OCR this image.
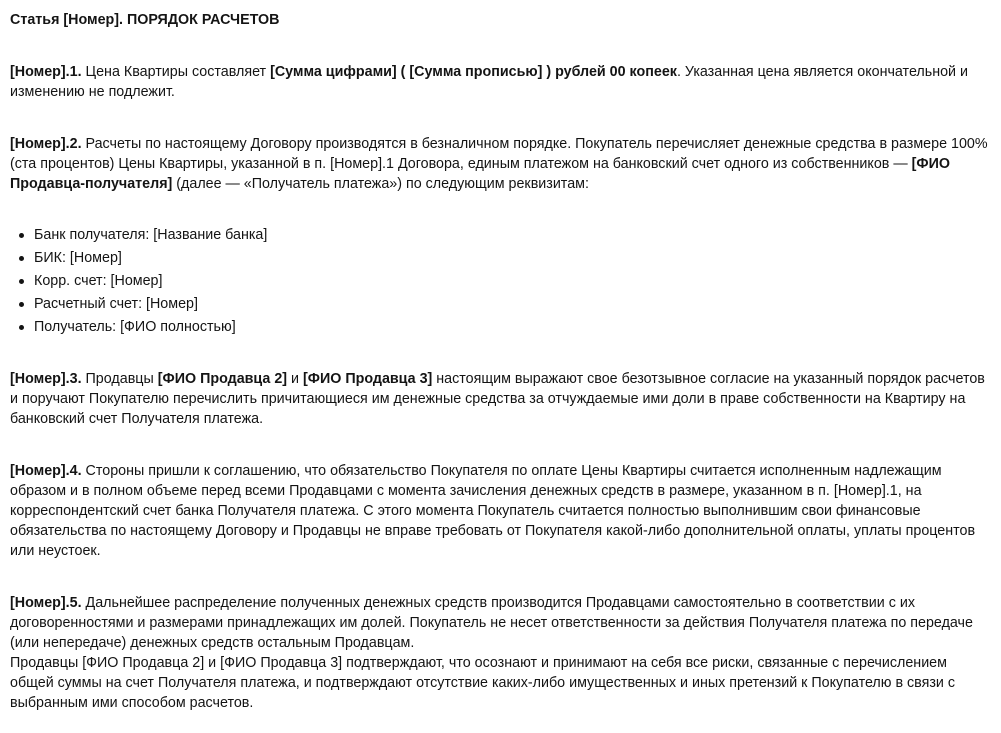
Статья [Номер]. ПОРЯДОК РАСЧЕТОВ

[Номер].1. Цена Квартиры составляет [Сумма цифрами] ( [Сумма прописью] ) рублей 00 копеек. Указанная цена является окончательной и изменению не подлежит.

[Номер].2. Расчеты по настоящему Договору производятся в безналичном порядке. Покупатель перечисляет денежные средства в размере 100% (ста процентов) Цены Квартиры, указанной в п. [Номер].1 Договора, единым платежом на банковский счет одного из собственников — [ФИО Продавца-получателя] (далее — «Получатель платежа») по следующим реквизитам:

Банк получателя: [Название банка]
БИК: [Номер]
Корр. счет: [Номер]
Расчетный счет: [Номер]
Получатель: [ФИО полностью]

[Номер].3. Продавцы [ФИО Продавца 2] и [ФИО Продавца 3] настоящим выражают свое безотзывное согласие на указанный порядок расчетов и поручают Покупателю перечислить причитающиеся им денежные средства за отчуждаемые ими доли в праве собственности на Квартиру на банковский счет Получателя платежа.

[Номер].4. Стороны пришли к соглашению, что обязательство Покупателя по оплате Цены Квартиры считается исполненным надлежащим образом и в полном объеме перед всеми Продавцами с момента зачисления денежных средств в размере, указанном в п. [Номер].1, на корреспондентский счет банка Получателя платежа. С этого момента Покупатель считается полностью выполнившим свои финансовые обязательства по настоящему Договору и Продавцы не вправе требовать от Покупателя какой-либо дополнительной оплаты, уплаты процентов или неустоек.

[Номер].5. Дальнейшее распределение полученных денежных средств производится Продавцами самостоятельно в соответствии с их договоренностями и размерами принадлежащих им долей. Покупатель не несет ответственности за действия Получателя платежа по передаче (или непередаче) денежных средств остальным Продавцам.
Продавцы [ФИО Продавца 2] и [ФИО Продавца 3] подтверждают, что осознают и принимают на себя все риски, связанные с перечислением общей суммы на счет Получателя платежа, и подтверждают отсутствие каких-либо имущественных и иных претензий к Покупателю в связи с выбранным ими способом расчетов.
